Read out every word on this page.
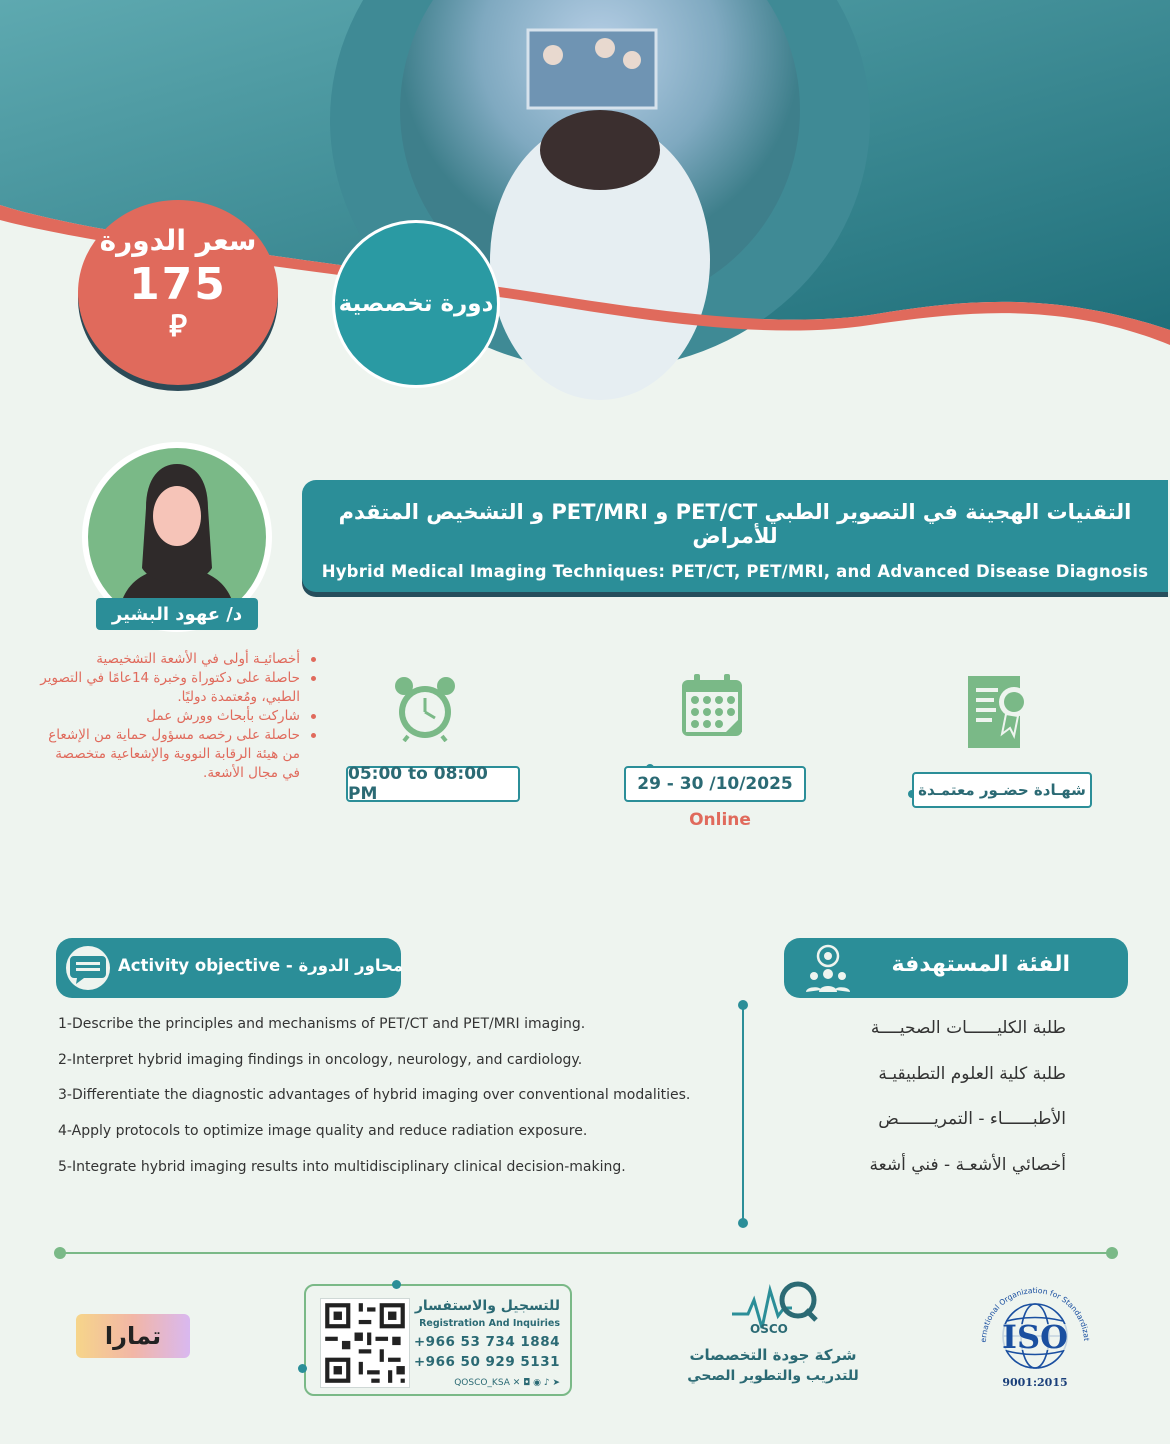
سعر الدورة
175
⃁
دورة تخصصية
التقنيات الهجينة في التصوير الطبي PET/CT و PET/MRI و التشخيص المتقدم للأمراض
Hybrid Medical Imaging Techniques: PET/CT, PET/MRI, and Advanced Disease Diagnosis
د/ عهود البشير
أخصائيـة أولى في الأشعة التشخيصية
حاصلة على دكتوراة وخبرة 14عامًا في التصوير الطبي، ومُعتمدة دوليًا.
شاركت بأبحاث وورش عمل
حاصلة على رخصه مسؤول حماية من الإشعاع من هيئة الرقابة النووية والإشعاعية متخصصة في مجال الأشعة.	05:00 to 08:00 PM	29 - 30 /10/2025
Online
شهـادة حضـور معتمـدة
Activity objective - محاور الدورة
1-Describe the principles and mechanisms of PET/CT and PET/MRI imaging.
2-Interpret hybrid imaging findings in oncology, neurology, and cardiology.
3-Differentiate the diagnostic advantages of hybrid imaging over conventional modalities.
4-Apply protocols to optimize image quality and reduce radiation exposure.
5-Integrate hybrid imaging results into multidisciplinary clinical decision-making.
الفئة المستهدفة
طلبة الكليــــــات الصحيــــة
طلبة كلية العلوم التطبيقيـة
الأطبــــــاء - التمريـــــــض
أخصائي الأشعـة - فني أشعة
تمارا
للتسجيل والاستفسار
Registration And Inquiries
+966 53 734 1884
+966 50 929 5131
QOSCO_KSA ✕ ◘ ◉ ♪ ➤
OSCO
شركة جودة التخصصات
للتدريب والتطوير الصحي
ernational Organization for Standardizat
ISO
9001:2015
